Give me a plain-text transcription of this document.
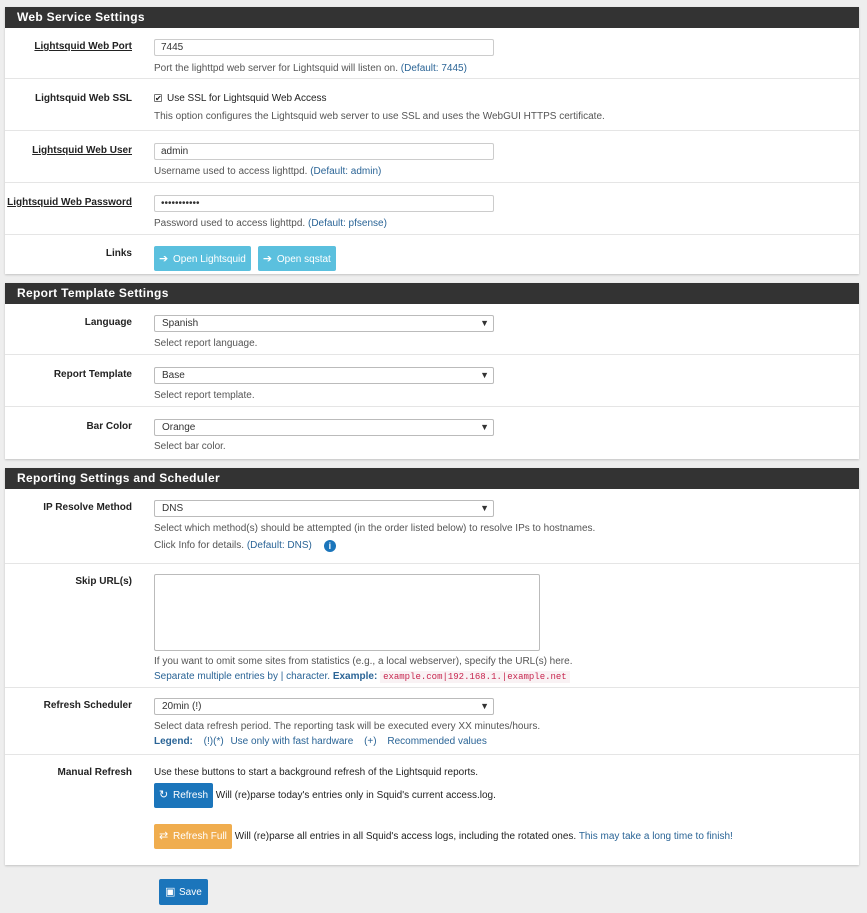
Web Service Settings
Lightsquid Web Port	7445
Port the lighttpd web server for Lightsquid will listen on. (Default: 7445)
Lightsquid Web SSL	✔ Use SSL for Lightsquid Web Access
This option configures the Lightsquid web server to use SSL and uses the WebGUI HTTPS certificate.
Lightsquid Web User	admin
Username used to access lighttpd. (Default: admin)
Lightsquid Web Password	•••••••••••
Password used to access lighttpd. (Default: pfsense)
Links	➔ Open Lightsquid ➔ Open sqstat
Report Template Settings
Language	Spanish	▼
Select report language.
Report Template	Base	▼
Select report template.
Bar Color	Orange	▼
Select bar color.
Reporting Settings and Scheduler
IP Resolve Method	DNS	▼
Select which method(s) should be attempted (in the order listed below) to resolve IPs to hostnames.
Click Info for details. (Default: DNS) i
Skip URL(s)
If you want to omit some sites from statistics (e.g., a local webserver), specify the URL(s) here.
Separate multiple entries by | character. Example: example.com|192.168.1.|example.net
Refresh Scheduler	20min (!)	▼
Select data refresh period. The reporting task will be executed every XX minutes/hours.
Legend: (!)(*) Use only with fast hardware (+) Recommended values
Manual Refresh Use these buttons to start a background refresh of the Lightsquid reports.
↻ Refresh Will (re)parse today's entries only in Squid's current access.log.
⇄ Refresh Full Will (re)parse all entries in all Squid's access logs, including the rotated ones. This may take a long time to finish!
▣ Save
